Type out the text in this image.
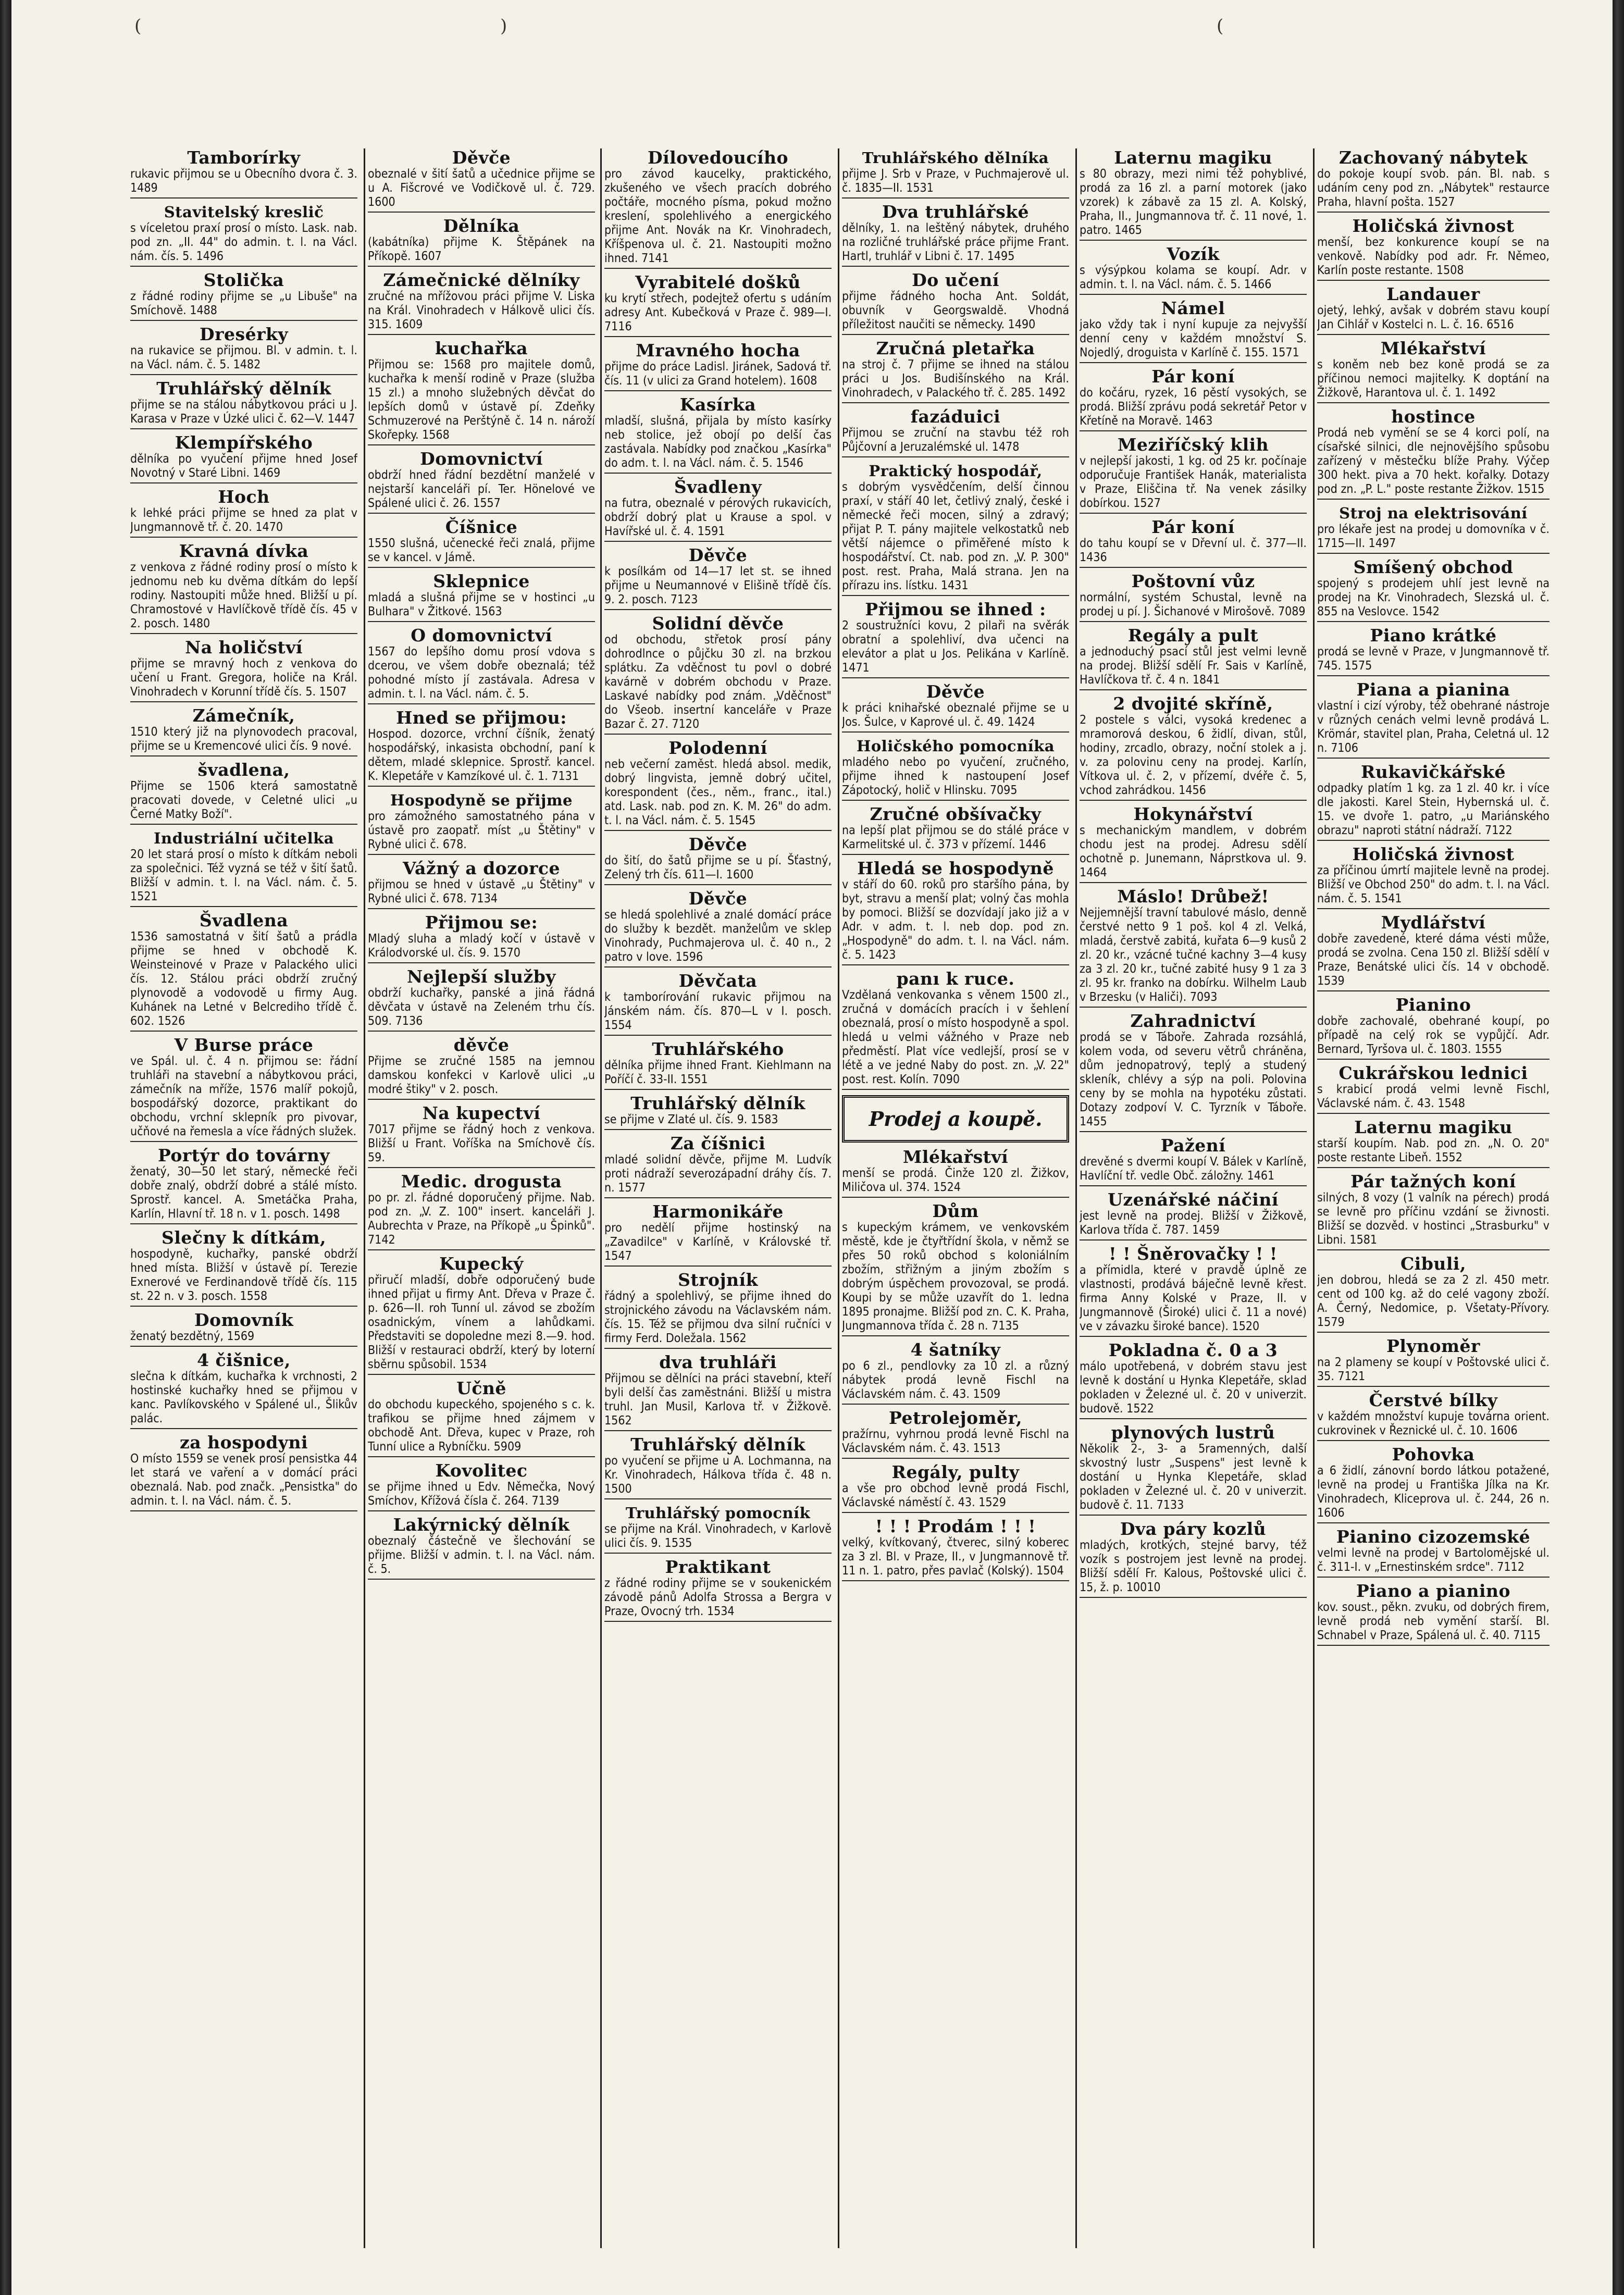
(	)	(
Tamborírky
rukavic přijmou se u Obecního dvora č. 3. 1489
Stavitelský kreslič
s víceletou praxí prosí o místo. Lask. nab. pod zn. „II. 44" do admin. t. l. na Václ. nám. čís. 5. 1496
Stolička
z řádné rodiny přijme se „u Libuše" na Smíchově. 1488
Dresérky
na rukavice se přijmou. Bl. v admin. t. l. na Václ. nám. č. 5. 1482
Truhlářský dělník
přijme se na stálou nábytkovou práci u J. Karasa v Praze v Úzké ulici č. 62—V. 1447
Klempířského
dělníka po vyučení přijme hned Josef Novotný v Staré Libni. 1469
Hoch
k lehké práci přijme se hned za plat v Jungmannově tř. č. 20. 1470
Kravná dívka
z venkova z řádné rodiny prosí o místo k jednomu neb ku dvěma dítkám do lepší rodiny. Nastoupiti může hned. Bližší u pí. Chramostové v Havlíčkově třídě čís. 45 v 2. posch. 1480
Na holičství
přijme se mravný hoch z venkova do učení u Frant. Gregora, holiče na Král. Vinohradech v Korunní třídě čís. 5. 1507
Zámečník,
1510 který již na plynovodech pracoval, přijme se u Kremencové ulici čís. 9 nové.
švadlena,
Přijme se 1506 která samostatně pracovati dovede, v Celetné ulici „u Černé Matky Boží".
Industriální učitelka
20 let stará prosí o místo k dítkám neboli za společnici. Též vyzná se též v šití šatů. Bližší v admin. t. l. na Václ. nám. č. 5. 1521
Švadlena
1536 samostatná v šití šatů a prádla přijme se hned v obchodě K. Weinsteinové v Praze v Palackého ulici čís. 12. Stálou práci obdrží zručný plynovodě a vodovodě u firmy Aug. Kuhánek na Letné v Belcrediho třídě č. 602. 1526
V Burse práce
ve Spál. ul. č. 4 n. přijmou se: řádní truhláři na stavební a nábytkovou práci, zámečník na mříže, 1576 malíř pokojů, bospodářský dozorce, praktikant do obchodu, vrchní sklepník pro pivovar, učňové na řemesla a více řádných služek.
Portýr do továrny
ženatý, 30—50 let starý, německé řeči dobře znalý, obdrží dobré a stálé místo. Sprostř. kancel. A. Smetáčka Praha, Karlín, Hlavní tř. 18 n. v 1. posch. 1498
Slečny k dítkám,
hospodyně, kuchařky, panské obdrží hned místa. Bližší v ústavě pí. Terezie Exnerové ve Ferdinandově třídě čís. 115 st. 22 n. v 3. posch. 1558
Domovník
ženatý bezdětný, 1569
4 čišnice,
slečna k dítkám, kuchařka k vrchnosti, 2 hostinské kuchařky hned se přijmou v kanc. Pavlíkovského v Spálené ul., Šlikův palác.
za hospodyni
O místo 1559 se venek prosí pensistka 44 let stará ve vaření a v domácí práci obeznalá. Nab. pod značk. „Pensistka" do admin. t. l. na Václ. nám. č. 5.
Děvče
obeznalé v šití šatů a učednice přijme se u A. Fišcrové ve Vodičkově ul. č. 729. 1600
Dělníka
(kabátníka) přijme K. Štěpánek na Příkopě. 1607
Zámečnické dělníky
zručné na mřížovou práci přijme V. Liska na Král. Vinohradech v Hálkově ulici čís. 315. 1609
kuchařka
Přijmou se: 1568 pro majitele domů, kuchařka k menší rodině v Praze (služba 15 zl.) a mnoho služebných děvčat do lepších domů v ústavě pí. Zdeňky Schmuzerové na Perštýně č. 14 n. nároží Skořepky. 1568
Domovnictví
obdrží hned řádní bezdětní manželé v nejstarší kanceláři pí. Ter. Hönelové ve Spálené ulici č. 26. 1557
Číšnice
1550 slušná, učenecké řeči znalá, přijme se v kancel. v Jámě.
Sklepnice
mladá a slušná přijme se v hostinci „u Bulhara" v Žitkové. 1563
O domovnictví
1567 do lepšího domu prosí vdova s dcerou, ve všem dobře obeznalá; též pohodné místo jí zastávala. Adresa v admin. t. l. na Václ. nám. č. 5.
Hned se přijmou:
Hospod. dozorce, vrchní číšník, ženatý hospodářský, inkasista obchodní, paní k dětem, mladé sklepnice. Sprostř. kancel. K. Klepetáře v Kamzíkové ul. č. 1. 7131
Hospodyně se přijme
pro zámožného samostatného pána v ústavě pro zaopatř. míst „u Štětiny" v Rybné ulici č. 678.
Vážný a dozorce
přijmou se hned v ústavě „u Štětiny" v Rybné ulici č. 678. 7134
Přijmou se:
Mladý sluha a mladý kočí v ústavě v Králodvorské ul. čís. 9. 1570
Nejlepší služby
obdrží kuchařky, panské a jiná řádná děvčata v ústavě na Zeleném trhu čís. 509. 7136
děvče
Přijme se zručné 1585 na jemnou damskou konfekci v Karlově ulici „u modré štiky" v 2. posch.
Na kupectví
7017 přijme se řádný hoch z venkova. Bližší u Frant. Voříška na Smíchově čís. 59.
Medic. drogusta
po pr. zl. řádné doporučený přijme. Nab. pod zn. „V. Z. 100" insert. kanceláři J. Aubrechta v Praze, na Příkopě „u Špinků". 7142
Kupecký
přiručí mladší, dobře odporučený bude ihned přijat u firmy Ant. Dřeva v Praze č. p. 626—II. roh Tunní ul. závod se zbožím osadnickým, vínem a lahůdkami. Představiti se dopoledne mezi 8.—9. hod. Bližší v restauraci obdrží, který by loterní sběrnu spůsobil. 1534
Učně
do obchodu kupeckého, spojeného s c. k. trafikou se přijme hned zájmem v obchodě Ant. Dřeva, kupec v Praze, roh Tunní ulice a Rybníčku. 5909
Kovolitec
se přijme ihned u Edv. Němečka, Nový Smíchov, Křížová čísla č. 264. 7139
Lakýrnický dělník
obeznalý částečně ve šlechování se přijme. Bližší v admin. t. l. na Václ. nám. č. 5.
Dílovedoucího
pro závod kaucelky, praktického, zkušeného ve všech pracích dobrého počtáře, mocného písma, pokud možno kreslení, spolehlivého a energického přijme Ant. Novák na Kr. Vinohradech, Kříšpenova ul. č. 21. Nastoupiti možno ihned. 7141
Vyrabitelé došků
ku krytí střech, podejtež ofertu s udáním adresy Ant. Kubečková v Praze č. 989—I. 7116
Mravného hocha
přijme do práce Ladisl. Jiránek, Sadová tř. čís. 11 (v ulici za Grand hotelem). 1608
Kasírka
mladší, slušná, přijala by místo kasírky neb stolice, jež obojí po delší čas zastávala. Nabídky pod značkou „Kasírka" do adm. t. l. na Václ. nám. č. 5. 1546
Švadleny
na futra, obeznalé v pérových rukavicích, obdrží dobrý plat u Krause a spol. v Havířské ul. č. 4. 1591
Děvče
k posílkám od 14—17 let st. se ihned přijme u Neumannové v Elišině třídě čís. 9. 2. posch. 7123
Solidní děvče
od obchodu, střetok prosí pány dohrodlnce o půjčku 30 zl. na brzkou splátku. Za vděčnost tu povl o dobré kavárně v dobrém obchodu v Praze. Laskavé nabídky pod znám. „Vděčnost" do Všeob. insertní kanceláře v Praze Bazar č. 27. 7120
Polodenní
neb večerní zaměst. hledá absol. medik, dobrý lingvista, jemně dobrý učitel, korespondent (čes., něm., franc., ital.) atd. Lask. nab. pod zn. K. M. 26" do adm. t. l. na Václ. nám. č. 5. 1545
Děvče
do šití, do šatů přijme se u pí. Šťastný, Zelený trh čís. 611—I. 1600
Děvče
se hledá spolehlivé a znalé domácí práce do služby k bezdět. manželům ve sklep Vinohrady, Puchmajerova ul. č. 40 n., 2 patro v love. 1596
Děvčata
k tamborírování rukavic přijmou na Jánském nám. čís. 870—L v I. posch. 1554
Truhlářského
dělníka přijme ihned Frant. Kiehlmann na Poříčí č. 33-II. 1551
Truhlářský dělník
se přijme v Zlaté ul. čís. 9. 1583
Za číšnici
mladé solidní děvče, přijme M. Ludvík proti nádraží severozápadní dráhy čís. 7. n. 1577
Harmonikáře
pro nedělí přijme hostinský na „Zavadilce" v Karlíně, v Královské tř. 1547
Strojník
řádný a spolehlivý, se přijme ihned do strojnického závodu na Václavském nám. čís. 15. Též se přijmou dva silní ručníci v firmy Ferd. Doležala. 1562
dva truhláři
Přijmou se dělníci na práci stavební, kteří byli delší čas zaměstnáni. Bližší u mistra truhl. Jan Musil, Karlova tř. v Žižkově. 1562
Truhlářský dělník
po vyučení se přijme u A. Lochmanna, na Kr. Vinohradech, Hálkova třída č. 48 n. 1500
Truhlářský pomocník
se přijme na Král. Vinohradech, v Karlově ulici čís. 9. 1535
Praktikant
z řádné rodiny přijme se v soukenickém závodě pánů Adolfa Strossa a Bergra v Praze, Ovocný trh. 1534
Truhlářského dělníka
přijme J. Srb v Praze, v Puchmajerově ul. č. 1835—II. 1531
Dva truhlářské
dělníky, 1. na leštěný nábytek, druhého na rozličné truhlářské práce přijme Frant. Hartl, truhlář v Libni č. 17. 1495
Do učení
přijme řádného hocha Ant. Soldát, obuvník v Georgswaldě. Vhodná příležitost naučiti se německy. 1490
Zručná pletařka
na stroj č. 7 přijme se ihned na stálou práci u Jos. Budišínského na Král. Vinohradech, v Palackého tř. č. 285. 1492
fazáduici
Přijmou se zruční na stavbu též roh Půjčovní a Jeruzalémské ul. 1478
Praktický hospodář,
s dobrým vysvědčením, delší činnou praxí, v stáří 40 let, četlivý znalý, české i německé řeči mocen, silný a zdravý; přijat P. T. pány majitele velkostatků neb větší nájemce o přiměřené místo k hospodářství. Ct. nab. pod zn. „V. P. 300" post. rest. Praha, Malá strana. Jen na přírazu ins. lístku. 1431
Přijmou se ihned :
2 soustružníci kovu, 2 pilaři na svěrák obratní a spolehliví, dva učenci na elevátor a plat u Jos. Pelikána v Karlíně. 1471
Děvče
k práci knihařské obeznalé přijme se u Jos. Šulce, v Kaprové ul. č. 49. 1424
Holičského pomocníka
mladého nebo po vyučení, zručného, přijme ihned k nastoupení Josef Zápotocký, holič v Hlinsku. 7095
Zručné obšívačky
na lepší plat přijmou se do stálé práce v Karmelitské ul. č. 373 v přízemí. 1446
Hledá se hospodyně
v stáří do 60. roků pro staršího pána, by byt, stravu a menší plat; volný čas mohla by pomoci. Bližší se dozvídají jako již a v Adr. v adm. t. l. neb dop. pod zn. „Hospodyně" do adm. t. l. na Václ. nám. č. 5. 1423
panı k ruce.
Vzdělaná venkovanka s věnem 1500 zl., zručná v domácích pracích i v šehlení obeznalá, prosí o místo hospodyně a spol. hledá u velmi vážného v Praze neb předměstí. Plat více vedlejší, prosí se v létě a ve jedné Naby do post. zn. „V. 22" post. rest. Kolín. 7090
Prodej a koupě.
Mlékařství
menší se prodá. Činže 120 zl. Žižkov, Miličova ul. 374. 1524
Dům
s kupeckým krámem, ve venkovském městě, kde je čtyřtřídní škola, v němž se přes 50 roků obchod s koloniálním zbožím, střižným a jiným zbožím s dobrým úspěchem provozoval, se prodá. Koupi by se může uzavřít do 1. ledna 1895 pronajme. Bližší pod zn. C. K. Praha, Jungmannova třída č. 28 n. 7135
4 šatníky
po 6 zl., pendlovky za 10 zl. a různý nábytek prodá levně Fischl na Václavském nám. č. 43. 1509
Petrolejoměr,
pražírnu, vyhrnou prodá levně Fischl na Václavském nám. č. 43. 1513
Regály, pulty
a vše pro obchod levně prodá Fischl, Václavské náměstí č. 43. 1529
! ! ! Prodám ! ! !
velký, kvítkovaný, čtverec, silný koberec za 3 zl. Bl. v Praze, II., v Jungmannově tř. 11 n. 1. patro, přes pavlač (Kolský). 1504
Laternu magiku
s 80 obrazy, mezi nimi též pohyblivé, prodá za 16 zl. a parní motorek (jako vzorek) k zábavě za 15 zl. A. Kolský, Praha, II., Jungmannova tř. č. 11 nové, 1. patro. 1465
Vozík
s výsýpkou kolama se koupí. Adr. v admin. t. l. na Václ. nám. č. 5. 1466
Námel
jako vždy tak i nyní kupuje za nejvyšší denní ceny v každém množství S. Nojedlý, droguista v Karlíně č. 155. 1571
Pár koní
do kočáru, ryzek, 16 pěstí vysokých, se prodá. Bližší zprávu podá sekretář Petor v Křetíně na Moravě. 1463
Meziříčský klih
v nejlepší jakosti, 1 kg. od 25 kr. počínaje odporučuje František Hanák, materialista v Praze, Eliščina tř. Na venek zásilky dobírkou. 1527
Pár koní
do tahu koupí se v Dřevní ul. č. 377—II. 1436
Poštovní vůz
normální, systém Schustal, levně na prodej u pí. J. Šichanové v Mirošově. 7089
Regály a pult
a jednoduchý psací stůl jest velmi levně na prodej. Bližší sdělí Fr. Sais v Karlíně, Havlíčkova tř. č. 4 n. 1841
2 dvojité skříně,
2 postele s válci, vysoká kredenec a mramorová deskou, 6 židlí, divan, stůl, hodiny, zrcadlo, obrazy, noční stolek a j. v. za polovinu ceny na prodej. Karlín, Vítkova ul. č. 2, v přízemí, dvéře č. 5, vchod zahrádkou. 1456
Hokynářství
s mechanickým mandlem, v dobrém chodu jest na prodej. Adresu sdělí ochotně p. Junemann, Náprstkova ul. 9. 1464
Máslo! Drůbež!
Nejjemnější travní tabulové máslo, denně čerstvé netto 9 1 poš. kol 4 zl. Velká, mladá, čerstvě zabitá, kuřata 6—9 kusů 2 zl. 20 kr., vzácné tučné kachny 3—4 kusy za 3 zl. 20 kr., tučné zabité husy 9 1 za 3 zl. 95 kr. franko na dobírku. Wilhelm Laub v Brzesku (v Haliči). 7093
Zahradnictví
prodá se v Táboře. Zahrada rozsáhlá, kolem voda, od severu větrů chráněna, dům jednopatrový, teplý a studený skleník, chlévy a sýp na poli. Polovina ceny by se mohla na hypotéku zůstati. Dotazy zodpoví V. C. Tyrzník v Táboře. 1455
Pažení
drevěné s dvermi koupí V. Bálek v Karlíně, Havlíční tř. vedle Obč. záložny. 1461
Uzenářské náčiní
jest levně na prodej. Bližší v Žižkově, Karlova třída č. 787. 1459
! ! Šněrovačky ! !
a přímidla, které v pravdě úplně ze vlastnosti, prodává báječně levně křest. firma Anny Kolské v Praze, II. v Jungmannově (Široké) ulici č. 11 a nové) ve v závazku široké bance). 1520
Pokladna č. 0 a 3
málo upotřebená, v dobrém stavu jest levně k dostání u Hynka Klepetáře, sklad pokladen v Železné ul. č. 20 v univerzit. budově. 1522
plynových lustrů
Několik 2-, 3- a 5ramenných, další skvostný lustr „Suspens" jest levně k dostání u Hynka Klepetáře, sklad pokladen v Železné ul. č. 20 v univerzit. budově č. 11. 7133
Dva páry kozlů
mladých, krotkých, stejné barvy, též vozík s postrojem jest levně na prodej. Bližší sdělí Fr. Kalous, Poštovské ulici č. 15, ž. p. 10010
Zachovaný nábytek
do pokoje koupí svob. pán. Bl. nab. s udáním ceny pod zn. „Nábytek" restaurce Praha, hlavní pošta. 1527
Holičská živnost
menší, bez konkurence koupí se na venkově. Nabídky pod adr. Fr. Němeo, Karlín poste restante. 1508
Landauer
ojetý, lehký, avšak v dobrém stavu koupí Jan Cihlář v Kostelci n. L. č. 16. 6516
Mlékařství
s koněm neb bez koně prodá se za příčinou nemoci majitelky. K doptání na Žižkově, Harantova ul. č. 1. 1492
hostince
Prodá neb vymění se se 4 korci polí, na císařské silnici, dle nejnovějšího spůsobu zařízený v městečku blíže Prahy. Výčep 300 hekt. piva a 70 hekt. kořalky. Dotazy pod zn. „P. L." poste restante Žižkov. 1515
Stroj na elektrisování
pro lékaře jest na prodej u domovníka v č. 1715—II. 1497
Smíšený obchod
spojený s prodejem uhlí jest levně na prodej na Kr. Vinohradech, Slezská ul. č. 855 na Veslovce. 1542
Piano krátké
prodá se levně v Praze, v Jungmannově tř. 745. 1575
Piana a pianina
vlastní i cizí výroby, též obehrané nástroje v různých cenách velmi levně prodává L. Krömár, stavitel plan, Praha, Celetná ul. 12 n. 7106
Rukavičkářské
odpadky platím 1 kg. za 1 zl. 40 kr. i více dle jakosti. Karel Stein, Hybernská ul. č. 15. ve dvoře 1. patro, „u Mariánského obrazu" naproti státní nádraží. 7122
Holičská živnost
za příčinou úmrtí majitele levně na prodej. Bližší ve Obchod 250" do adm. t. l. na Václ. nám. č. 5. 1541
Mydlářství
dobře zavedené, které dáma vésti může, prodá se zvolna. Cena 150 zl. Bližší sdělí v Praze, Benátské ulici čís. 14 v obchodě. 1539
Pianino
dobře zachovalé, obehrané koupí, po případě na celý rok se vypůjčí. Adr. Bernard, Tyršova ul. č. 1803. 1555
Cukrářskou lednici
s krabicí prodá velmi levně Fischl, Václavské nám. č. 43. 1548
Laternu magiku
starší koupím. Nab. pod zn. „N. O. 20" poste restante Libeň. 1552
Pár tažných koní
silných, 8 vozy (1 valník na pérech) prodá se levně pro příčinu vzdání se živnosti. Bližší se dozvěd. v hostinci „Strasburku" v Libni. 1581
Cibuli,
jen dobrou, hledá se za 2 zl. 450 metr. cent od 100 kg. až do celé vagony zboží. A. Černý, Nedomice, p. Všetaty-Přívory. 1579
Plynoměr
na 2 plameny se koupí v Poštovské ulici č. 35. 7121
Čerstvé bílky
v každém množství kupuje továrna orient. cukrovinek v Řeznické ul. č. 10. 1606
Pohovka
a 6 židlí, zánovní bordo látkou potažené, levně na prodej u Františka Jílka na Kr. Vinohradech, Kliceprova ul. č. 244, 26 n. 1606
Pianino cizozemské
velmi levně na prodej v Bartolomějské ul. č. 311-I. v „Ernestinském srdce". 7112
Piano a pianino
kov. soust., pěkn. zvuku, od dobrých firem, levně prodá neb vymění starší. Bl. Schnabel v Praze, Spálená ul. č. 40. 7115
